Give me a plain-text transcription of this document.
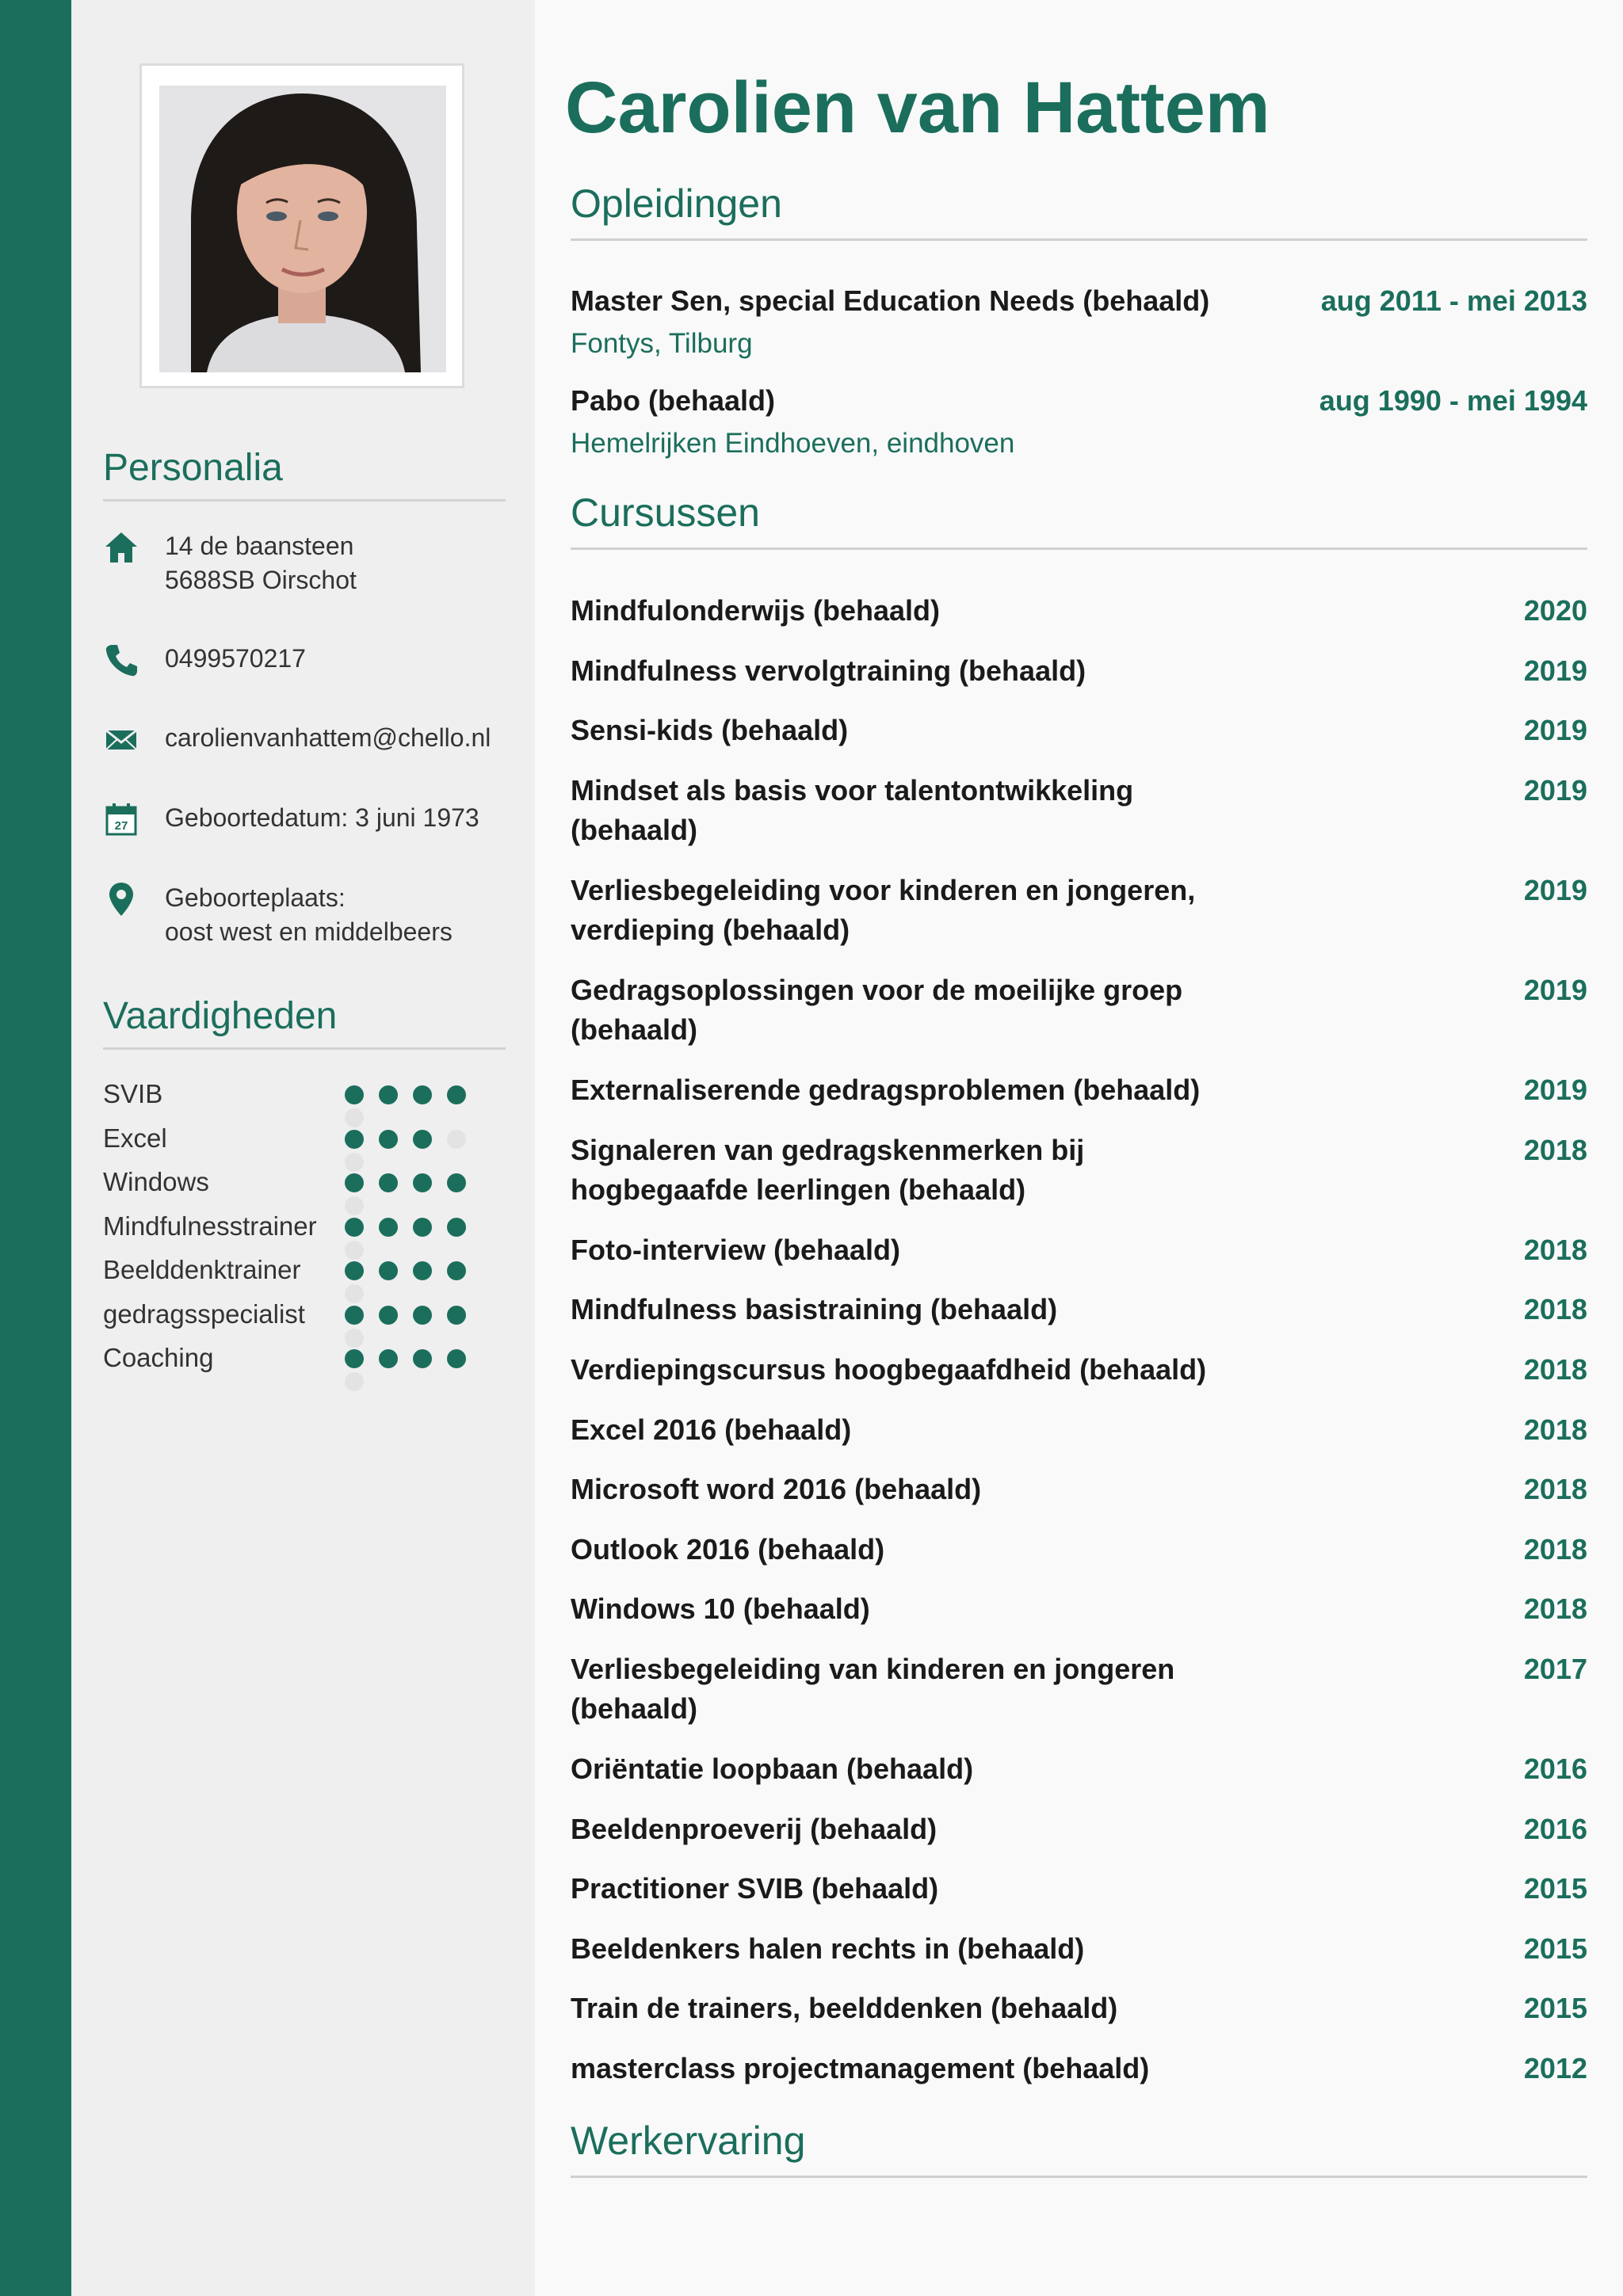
Personalia
14 de baansteen
5688SB Oirschot
0499570217
carolienvanhattem@chello.nl
27 Geboortedatum: 3 juni 1973
Geboorteplaats:
oost west en middelbeers
Vaardigheden
SVIB
Excel
Windows
Mindfulnesstrainer
Beelddenktrainer
gedragsspecialist
Coaching
Carolien van Hattem
Opleidingen
Master Sen, special Education Needs (behaald)	aug 2011 - mei 2013
Fontys, Tilburg
Pabo (behaald)	aug 1990 - mei 1994
Hemelrijken Eindhoeven, eindhoven
Cursussen
Mindfulonderwijs (behaald)	2020
Mindfulness vervolgtraining (behaald)	2019
Sensi-kids (behaald)	2019
Mindset als basis voor talentontwikkeling (behaald)
2019
Verliesbegeleiding voor kinderen en jongeren, verdieping (behaald)
2019
Gedragsoplossingen voor de moeilijke groep (behaald)
2019
Externaliserende gedragsproblemen (behaald)	2019
Signaleren van gedragskenmerken bij hogbegaafde leerlingen (behaald)
2018
Foto-interview (behaald)	2018
Mindfulness basistraining (behaald)	2018
Verdiepingscursus hoogbegaafdheid (behaald)	2018
Excel 2016 (behaald)	2018
Microsoft word 2016 (behaald)	2018
Outlook 2016 (behaald)	2018
Windows 10 (behaald)	2018
Verliesbegeleiding van kinderen en jongeren (behaald)
2017
Oriëntatie loopbaan (behaald)	2016
Beeldenproeverij (behaald)	2016
Practitioner SVIB (behaald)	2015
Beeldenkers halen rechts in (behaald)	2015
Train de trainers, beelddenken (behaald)	2015
masterclass projectmanagement (behaald)	2012
Werkervaring
